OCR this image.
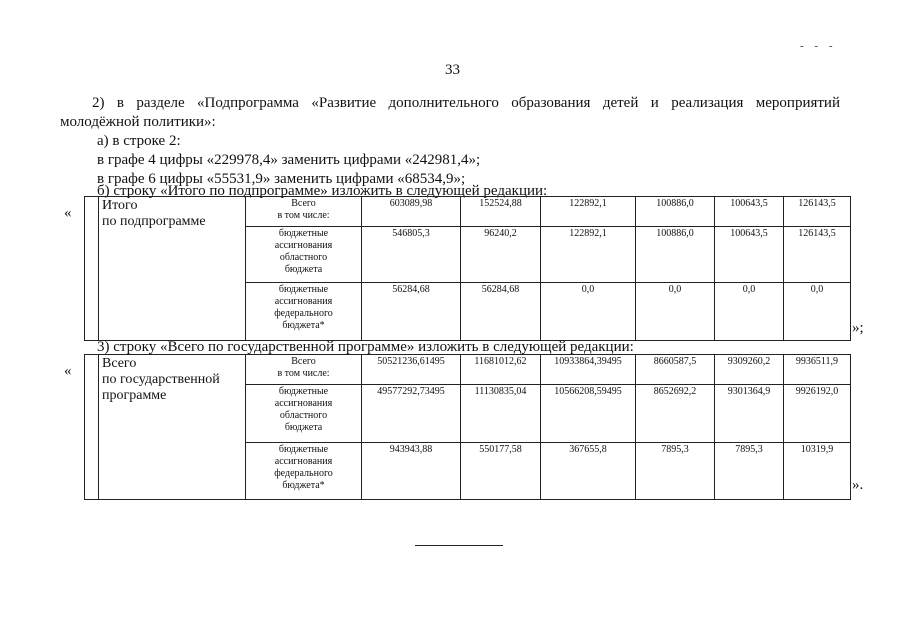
- - -
33
2) в разделе «Подпрограмма «Развитие дополнительного образования детей и реализация мероприятий
молодёжной политики»:
а) в строке 2:
в графе 4 цифры «229978,4» заменить цифрами «242981,4»;
в графе 6 цифры «55531,9» заменить цифрами «68534,9»;
б) строку «Итого по подпрограмме» изложить в следующей редакции:
«
	Итого
по подпрограмме	Всего
в том числе:	603089,98	152524,88	122892,1	100886,0	100643,5	126143,5
		бюджетные
ассигнования
областного
бюджета	546805,3	96240,2	122892,1	100886,0	100643,5	126143,5
		бюджетные
ассигнования
федерального
бюджета*	56284,68	56284,68	0,0	0,0	0,0	0,0
»;
3) строку «Всего по государственной программе» изложить в следующей редакции:
«
	Всего
по государственной
программе	Всего
в том числе:	50521236,61495	11681012,62	10933864,39495	8660587,5	9309260,2	9936511,9
		бюджетные
ассигнования
областного
бюджета	49577292,73495	11130835,04	10566208,59495	8652692,2	9301364,9	9926192,0
		бюджетные
ассигнования
федерального
бюджета*	943943,88	550177,58	367655,8	7895,3	7895,3	10319,9
».
